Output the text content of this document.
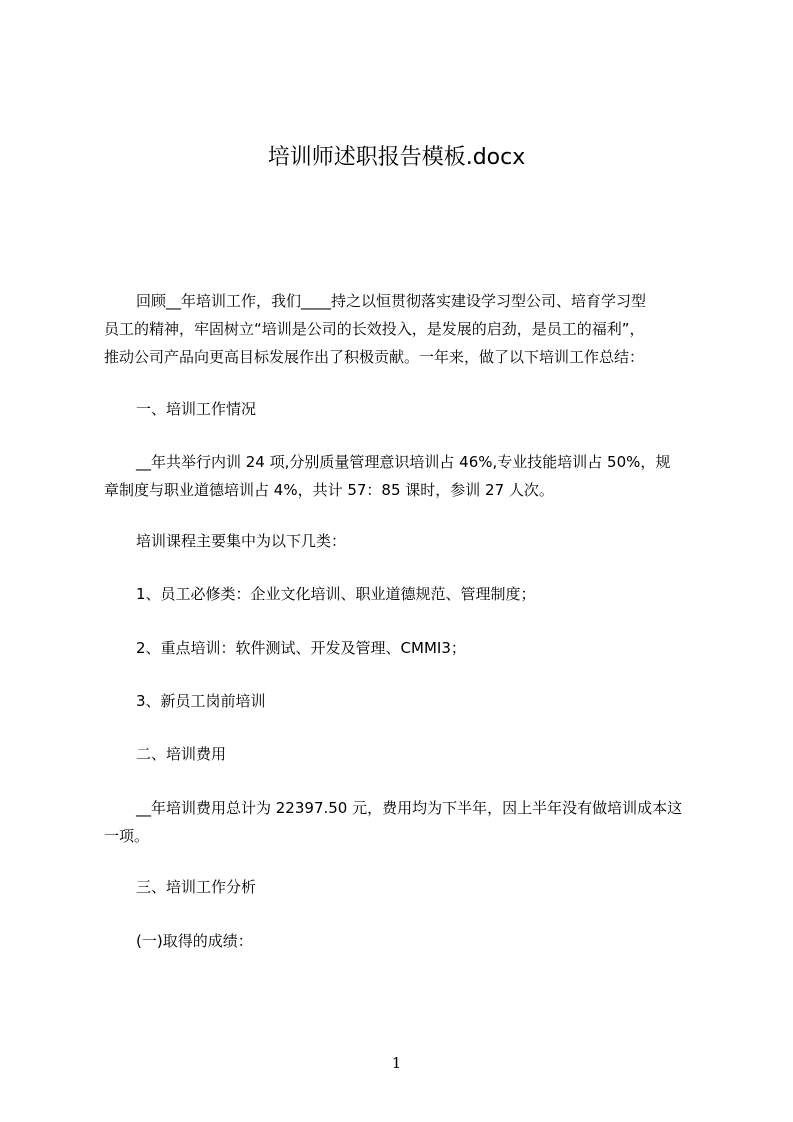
培训师述职报告模板.docx

回顾__年培训工作，我们____持之以恒贯彻落实建设学习型公司、培育学习型
员工的精神，牢固树立“培训是公司的长效投入，是发展的启劲，是员工的福利”，
推动公司产品向更高目标发展作出了积极贡献。一年来，做了以下培训工作总结：

一、培训工作情况

__年共举行内训 24 项,分别质量管理意识培训占 46%,专业技能培训占 50%，规
章制度与职业道德培训占 4%，共计 57：85 课时，参训 27 人次。

培训课程主要集中为以下几类：

1、员工必修类：企业文化培训、职业道德规范、管理制度；

2、重点培训：软件测试、开发及管理、CMMI3；

3、新员工岗前培训

二、培训费用

__年培训费用总计为 22397.50 元，费用均为下半年，因上半年没有做培训成本这
一项。

三、培训工作分析

(一)取得的成绩：

1
